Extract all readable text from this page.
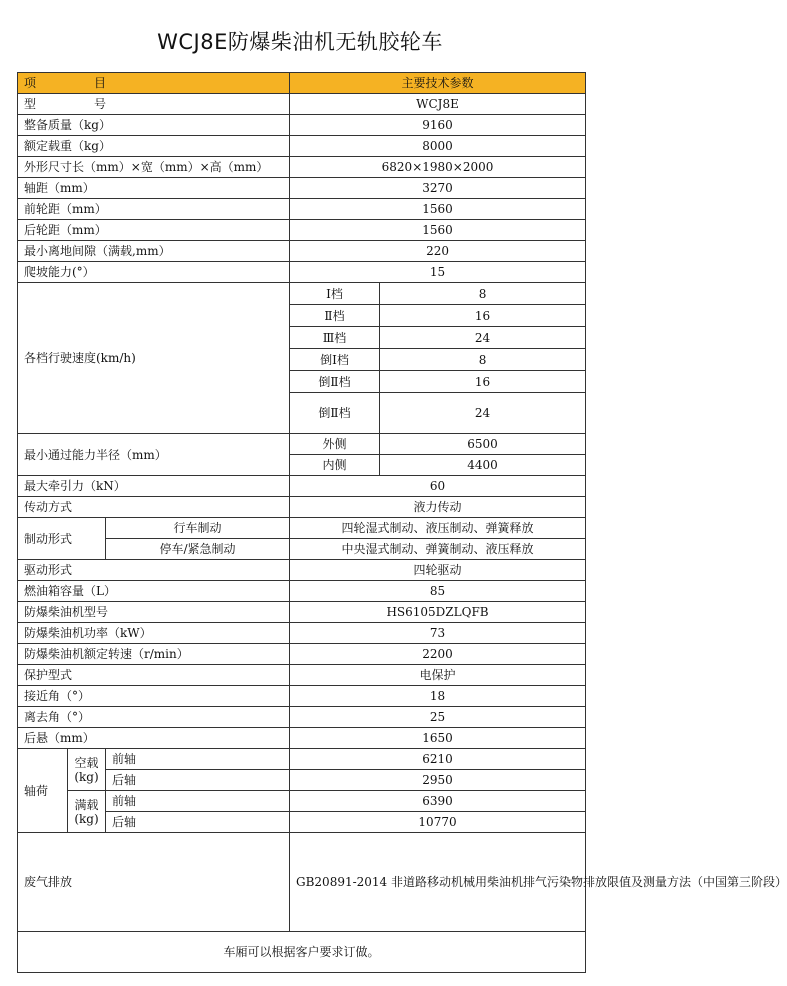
WCJ8E防爆柴油机无轨胶轮车
项 目			主要技术参数	
型 号			WCJ8E	
整备质量（kg）			9160	
额定载重（kg）			8000	
外形尺寸长（mm）×宽（mm）×高（mm）			6820×1980×2000	
轴距（mm）			3270	
前轮距（mm）			1560	
后轮距（mm）			1560	
最小离地间隙（满载,mm）			220	
爬坡能力(°）			15	
各档行驶速度(km/h)			Ⅰ档	8
			Ⅱ档	16
			Ⅲ档	24
			倒Ⅰ档	8
			倒Ⅱ档	16
			倒Ⅱ档	24
最小通过能力半径（mm）			外侧	6500
			内侧	4400
最大牵引力（kN）			60	
传动方式			液力传动	
制动形式		行车制动	四轮湿式制动、液压制动、弹簧释放	
		停车/紧急制动	中央湿式制动、弹簧制动、液压释放	
驱动形式			四轮驱动	
燃油箱容量（L）			85	
防爆柴油机型号			HS6105DZLQFB	
防爆柴油机功率（kW）			73	
防爆柴油机额定转速（r/min）			2200	
保护型式			电保护	
接近角（°）			18	
离去角（°）			25	
后悬（mm）			1650	
轴荷	空载(kg)	前轴	6210	
		后轴	2950	
	满载(kg)	前轴	6390	
		后轴	10770	
废气排放			GB20891-2014 非道路移动机械用柴油机排气污染物排放限值及测量方法（中国第三阶段）	
车厢可以根据客户要求订做。				
